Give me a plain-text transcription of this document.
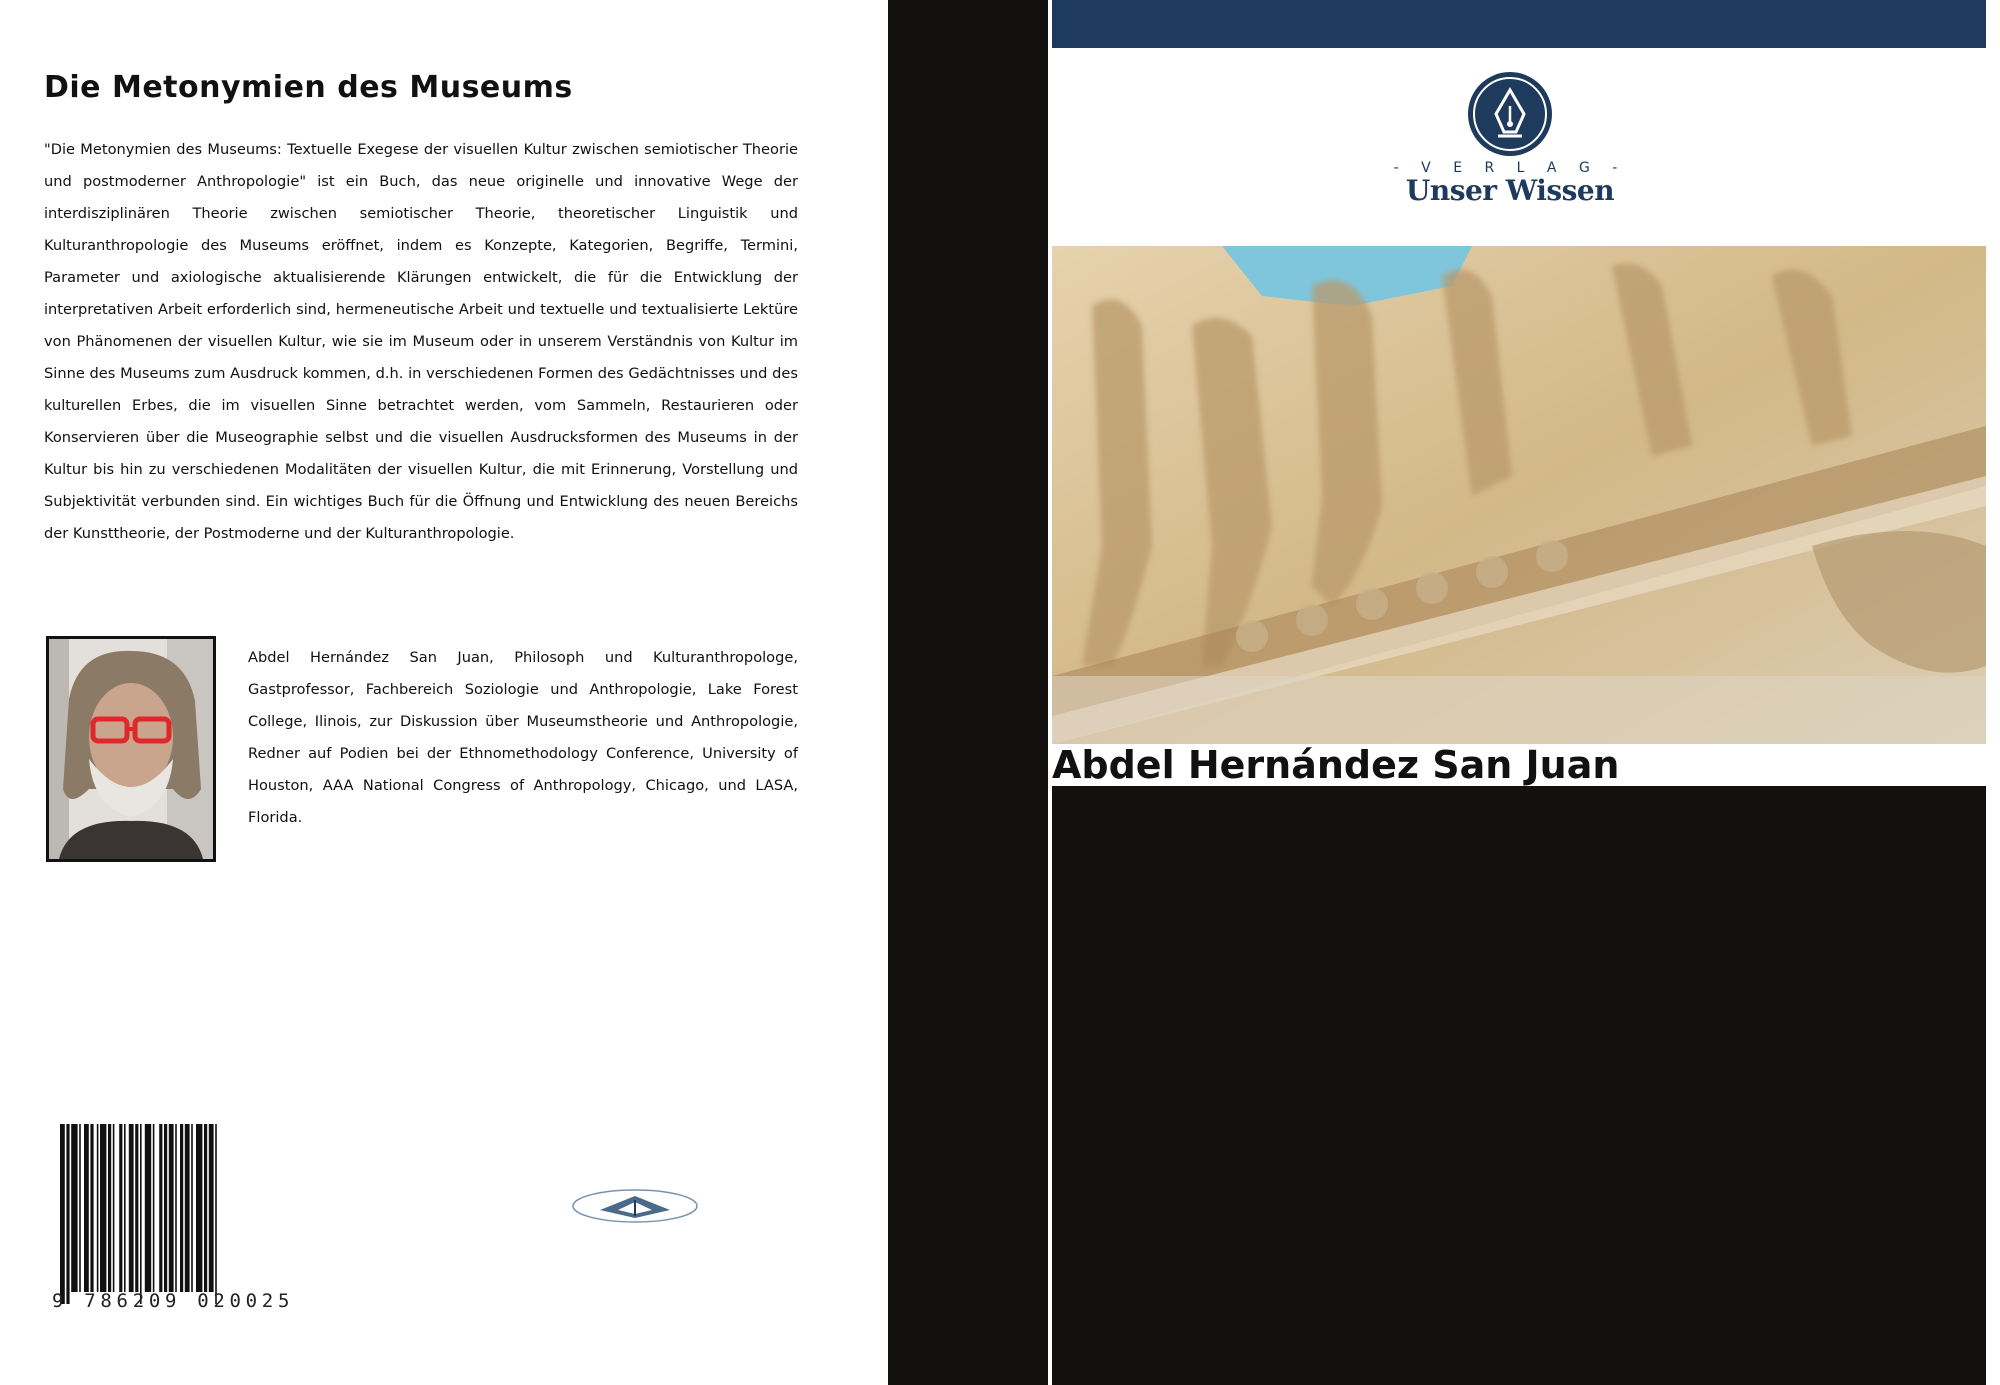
Die Metonymien des Museums

"Die Metonymien des Museums: Textuelle Exegese der visuellen Kultur zwischen semiotischer Theorie und postmoderner Anthropologie" ist ein Buch, das neue originelle und innovative Wege der interdisziplinären Theorie zwischen semiotischer Theorie, theoretischer Linguistik und Kulturanthropologie des Museums eröffnet, indem es Konzepte, Kategorien, Begriffe, Termini, Parameter und axiologische aktualisierende Klärungen entwickelt, die für die Entwicklung der interpretativen Arbeit erforderlich sind, hermeneutische Arbeit und textuelle und textualisierte Lektüre von Phänomenen der visuellen Kultur, wie sie im Museum oder in unserem Verständnis von Kultur im Sinne des Museums zum Ausdruck kommen, d.h. in verschiedenen Formen des Gedächtnisses und des kulturellen Erbes, die im visuellen Sinne betrachtet werden, vom Sammeln, Restaurieren oder Konservieren über die Museographie selbst und die visuellen Ausdrucksformen des Museums in der Kultur bis hin zu verschiedenen Modalitäten der visuellen Kultur, die mit Erinnerung, Vorstellung und Subjektivität verbunden sind. Ein wichtiges Buch für die Öffnung und Entwicklung des neuen Bereichs der Kunsttheorie, der Postmoderne und der Kulturanthropologie.

Abdel Hernández San Juan, Philosoph und Kulturanthropologe, Gastprofessor, Fachbereich Soziologie und Anthropologie, Lake Forest College, Ilinois, zur Diskussion über Museumstheorie und Anthropologie, Redner auf Podien bei der Ethnomethodology Conference, University of Houston, AAA National Congress of Anthropology, Chicago, und LASA, Florida.

9 786209 020025
- V E R L A G -
Unser Wissen
Abdel Hernández San Juan
